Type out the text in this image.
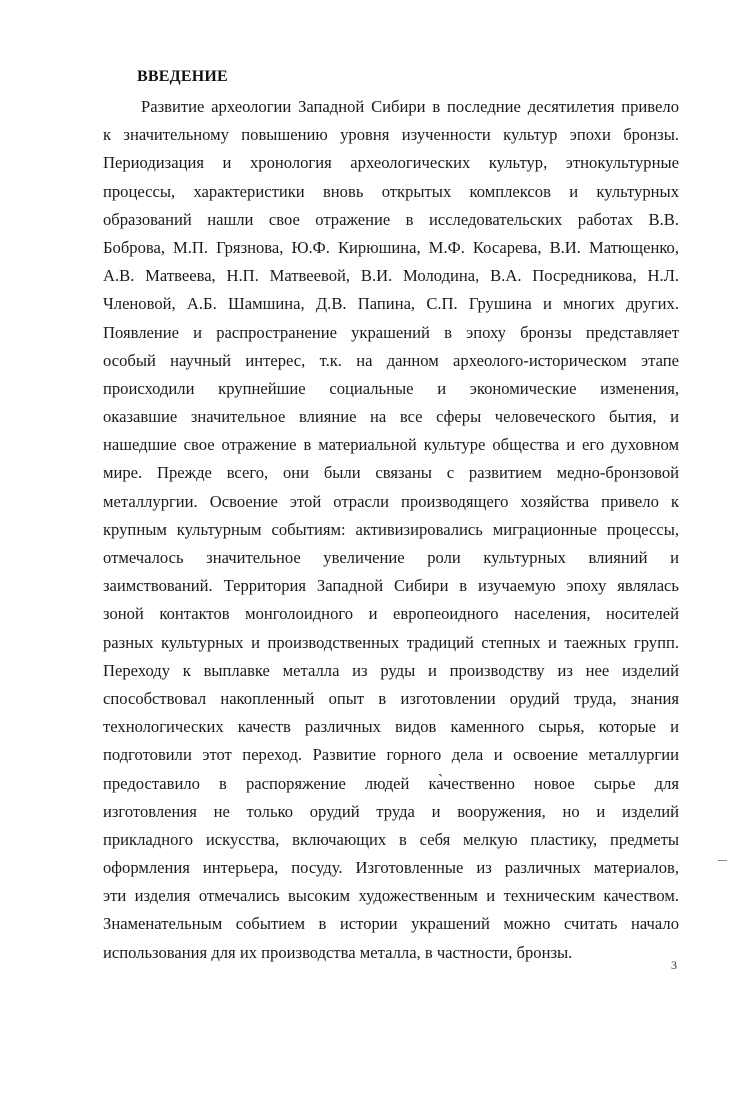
ВВЕДЕНИЕ
Развитие археологии Западной Сибири в последние десятилетия привело
к значительному повышению уровня изученности культур эпохи бронзы.
Периодизация и хронология археологических культур, этнокультурные
процессы, характеристики вновь открытых комплексов и культурных
образований нашли свое отражение в исследовательских работах В.В.
Боброва, М.П. Грязнова, Ю.Ф. Кирюшина, М.Ф. Косарева, В.И. Матющенко,
А.В. Матвеева, Н.П. Матвеевой, В.И. Молодина, В.А. Посредникова, Н.Л.
Членовой, А.Б. Шамшина, Д.В. Папина, С.П. Грушина и многих других.
Появление и распространение украшений в эпоху бронзы представляет
особый научный интерес, т.к. на данном археолого-историческом этапе
происходили крупнейшие социальные и экономические изменения,
оказавшие значительное влияние на все сферы человеческого бытия, и
нашедшие свое отражение в материальной культуре общества и его духовном
мире. Прежде всего, они были связаны с развитием медно-бронзовой
металлургии. Освоение этой отрасли производящего хозяйства привело к
крупным культурным событиям: активизировались миграционные процессы,
отмечалось значительное увеличение роли культурных влияний и
заимствований. Территория Западной Сибири в изучаемую эпоху являлась
зоной контактов монголоидного и европеоидного населения, носителей
разных культурных и производственных традиций степных и таежных групп.
Переходу к выплавке металла из руды и производству из нее изделий
способствовал накопленный опыт в изготовлении орудий труда, знания
технологических качеств различных видов каменного сырья, которые и
подготовили этот переход. Развитие горного дела и освоение металлургии
предоставило в распоряжение людей ка̀чественно новое сырье для
изготовления не только орудий труда и вооружения, но и изделий
прикладного искусства, включающих в себя мелкую пластику, предметы
оформления интерьера, посуду. Изготовленные из различных материалов,
эти изделия отмечались высоким художественным и техническим качеством.
Знаменательным событием в истории украшений можно считать начало
использования для их производства металла, в частности, бронзы.
3
